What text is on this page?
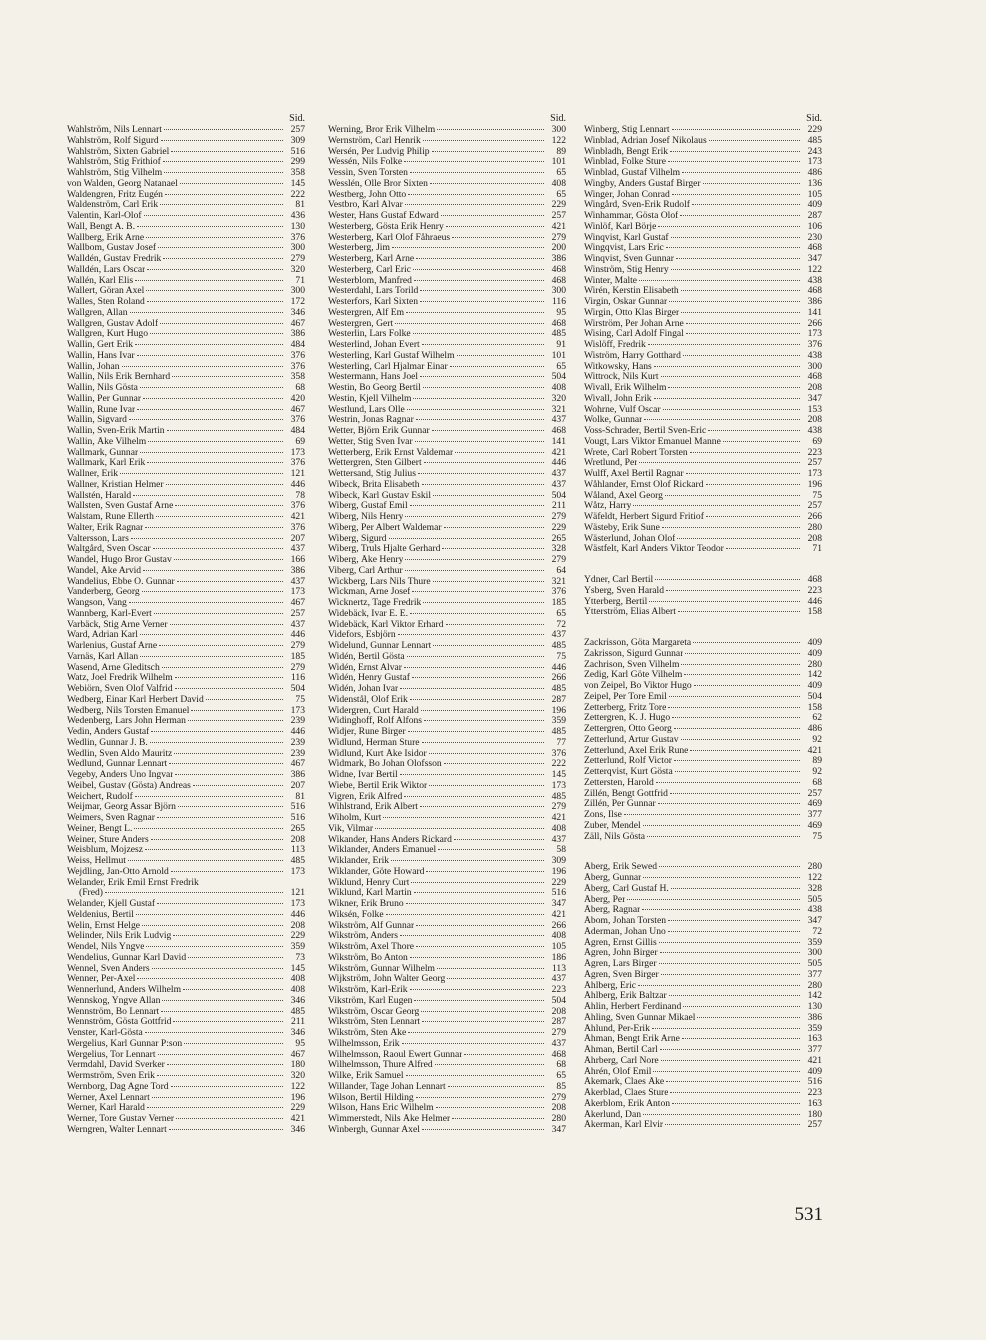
Sid.
Wahlström, Nils Lennart	257
Wahlström, Rolf Sigurd	309
Wahlström, Sixten Gabriel	516
Wahlström, Stig Frithiof	299
Wahlström, Stig Vilhelm	358
von Walden, Georg Natanael	145
Waldengren, Fritz Eugén	222
Waldenström, Carl Erik	81
Valentin, Karl-Olof	436
Wall, Bengt A. B.	130
Wallberg, Erik Arne	376
Wallbom, Gustav Josef	300
Walldén, Gustav Fredrik	279
Walldén, Lars Oscar	320
Wallén, Karl Elis	71
Wallert, Göran Axel	300
Walles, Sten Roland	172
Wallgren, Allan	346
Wallgren, Gustav Adolf	467
Wallgren, Kurt Hugo	386
Wallin, Gert Erik	484
Wallin, Hans Ivar	376
Wallin, Johan	376
Wallin, Nils Erik Bernhard	358
Wallin, Nils Gösta	68
Wallin, Per Gunnar	420
Wallin, Rune Ivar	467
Wallin, Sigvard	376
Wallin, Sven-Erik Martin	484
Wallin, Åke Vilhelm	69
Wallmark, Gunnar	173
Wallmark, Karl Erik	376
Wallner, Erik	121
Wallner, Kristian Helmer	446
Wallstén, Harald	78
Wallsten, Sven Gustaf Arne	376
Walstam, Rune Ellerth	421
Walter, Erik Ragnar	376
Valtersson, Lars	207
Waltgård, Sven Oscar	437
Wandel, Hugo Bror Gustav	166
Wandel, Åke Arvid	386
Wandelius, Ebbe O. Gunnar	437
Vanderberg, Georg	173
Wangson, Vang	467
Wannberg, Karl-Evert	257
Varbäck, Stig Arne Verner	437
Ward, Adrian Karl	446
Warlenius, Gustaf Arne	279
Varnäs, Karl Allan	185
Wasend, Arne Gleditsch	279
Watz, Joel Fredrik Wilhelm	116
Webiörn, Sven Olof Valfrid	504
Wedberg, Einar Karl Herbert David	75
Wedberg, Nils Torsten Emanuel	173
Wedenberg, Lars John Herman	239
Vedin, Anders Gustaf	446
Wedlin, Gunnar J. B.	239
Wedlin, Sven Aldo Mauritz	239
Wedlund, Gunnar Lennart	467
Vegeby, Anders Uno Ingvar	386
Weibel, Gustav (Gösta) Andreas	207
Weichert, Rudolf	81
Weijmar, Georg Assar Björn	516
Weimers, Sven Ragnar	516
Weiner, Bengt L.	265
Weiner, Sture Anders	208
Weisblum, Mojzesz	113
Weiss, Hellmut	485
Wejdling, Jan-Otto Arnold	173
Welander, Erik Emil Ernst Fredrik
(Fred)	121
Welander, Kjell Gustaf	173
Weldenius, Bertil	446
Welin, Ernst Helge	208
Welinder, Nils Erik Ludvig	229
Wendel, Nils Yngve	359
Wendelius, Gunnar Karl David	73
Wennel, Sven Anders	145
Wenner, Per-Axel	408
Wennerlund, Anders Wilhelm	408
Wennskog, Yngve Allan	346
Wennström, Bo Lennart	485
Wennström, Gösta Gottfrid	211
Venster, Karl-Gösta	346
Wergelius, Karl Gunnar P:son	95
Wergelius, Tor Lennart	467
Vermdahl, David Sverker	180
Wermström, Sven Erik	320
Wernborg, Dag Agne Tord	122
Werner, Axel Lennart	196
Werner, Karl Harald	229
Werner, Tore Gustav Verner	421
Werngren, Walter Lennart	346
Sid.
Werning, Bror Erik Vilhelm	300
Wernström, Carl Henrik	122
Wersén, Per Ludvig Philip	89
Wessén, Nils Folke	101
Vessin, Sven Torsten	65
Wesslén, Olle Bror Sixten	408
Westberg, John Otto	65
Vestbro, Karl Alvar	229
Wester, Hans Gustaf Edward	257
Westerberg, Gösta Erik Henry	421
Westerberg, Karl Olof Fåhraeus	279
Westerberg, Jim	200
Westerberg, Karl Arne	386
Westerberg, Carl Eric	468
Westerblom, Manfred	468
Westerdahl, Lars Torild	300
Westerfors, Karl Sixten	116
Westergren, Alf Em	95
Westergren, Gert	468
Westerlin, Lars Folke	485
Westerlind, Johan Evert	91
Westerling, Karl Gustaf Wilhelm	101
Westerling, Carl Hjalmar Einar	65
Westermann, Hans Joel	504
Westin, Bo Georg Bertil	408
Westin, Kjell Vilhelm	320
Westlund, Lars Olle	321
Westrin, Jonas Ragnar	437
Wetter, Björn Erik Gunnar	468
Wetter, Stig Sven Ivar	141
Wetterberg, Erik Ernst Valdemar	421
Wettergren, Sten Gilbert	446
Wettersand, Stig Julius	437
Wibeck, Brita Elisabeth	437
Wibeck, Karl Gustav Eskil	504
Wiberg, Gustaf Emil	211
Wiberg, Nils Henry	279
Wiberg, Per Albert Waldemar	229
Wiberg, Sigurd	265
Wiberg, Truls Hjalte Gerhard	328
Wiberg, Åke Henry	279
Viberg, Carl Arthur	64
Wickberg, Lars Nils Thure	321
Wickman, Arne Josef	376
Wicknertz, Tage Fredrik	185
Widebäck, Ivar E. E.	65
Widebäck, Karl Viktor Erhard	72
Videfors, Esbjörn	437
Widelund, Gunnar Lennart	485
Widén, Bertil Gösta	75
Widén, Ernst Alvar	446
Widén, Henry Gustaf	266
Widén, Johan Ivar	485
Widenstål, Olof Erik	287
Widergren, Curt Harald	196
Widinghoff, Rolf Alfons	359
Widjer, Rune Birger	485
Widlund, Herman Sture	77
Widlund, Kurt Åke Isidor	376
Widmark, Bo Johan Olofsson	222
Widne, Ivar Bertil	145
Wiebe, Bertil Erik Wiktor	173
Vigren, Erik Alfred	485
Wihlstrand, Erik Albert	279
Wiholm, Kurt	421
Vik, Vilmar	408
Wikander, Hans Anders Rickard	437
Wiklander, Anders Emanuel	58
Wiklander, Erik	309
Wiklander, Göte Howard	196
Wiklund, Henry Curt	229
Wiklund, Karl Martin	516
Wikner, Erik Bruno	347
Wiksén, Folke	421
Wikström, Alf Gunnar	266
Wikström, Anders	408
Wikström, Axel Thore	105
Wikström, Bo Anton	186
Wikström, Gunnar Wilhelm	113
Wijkström, John Walter Georg	437
Wikström, Karl-Erik	223
Vikström, Karl Eugen	504
Wikström, Oscar Georg	208
Wikström, Sten Lennart	287
Wikström, Sten Åke	279
Wilhelmsson, Erik	437
Wilhelmsson, Raoul Ewert Gunnar	468
Wilhelmsson, Thure Alfred	68
Wilke, Erik Samuel	65
Willander, Tage Johan Lennart	85
Wilson, Bertil Hilding	279
Wilson, Hans Eric Wilhelm	208
Wimmerstedt, Nils Åke Helmer	280
Winbergh, Gunnar Axel	347
Sid.
Winberg, Stig Lennart	229
Winblad, Adrian Josef Nikolaus	485
Winbladh, Bengt Erik	243
Winblad, Folke Sture	173
Winblad, Gustaf Vilhelm	486
Wingby, Anders Gustaf Birger	136
Winger, Johan Conrad	105
Wingård, Sven-Erik Rudolf	409
Winhammar, Gösta Olof	287
Winlöf, Karl Börje	106
Winqvist, Karl Gustaf	230
Wingqvist, Lars Eric	468
Winqvist, Sven Gunnar	347
Winström, Stig Henry	122
Winter, Malte	438
Wirén, Kerstin Elisabeth	468
Virgin, Oskar Gunnar	386
Wirgin, Otto Klas Birger	141
Wirström, Per Johan Arne	266
Wising, Carl Adolf Fingal	173
Wislöff, Fredrik	376
Wiström, Harry Gotthard	438
Witkowsky, Hans	300
Wittrock, Nils Kurt	468
Wivall, Erik Wilhelm	208
Wivall, John Erik	347
Wohrne, Vulf Oscar	153
Wolke, Gunnar	208
Voss-Schrader, Bertil Sven-Eric	438
Vougt, Lars Viktor Emanuel Manne	69
Wrete, Carl Robert Torsten	223
Wretlund, Per	257
Wulff, Axel Bertil Ragnar	173
Wåhlander, Ernst Olof Rickard	196
Wåland, Axel Georg	75
Wåtz, Harry	257
Wäfeldt, Herbert Sigurd Fritiof	266
Wästeby, Erik Sune	280
Wästerlund, Johan Olof	208
Wästfelt, Karl Anders Viktor Teodor	71
Ydner, Carl Bertil	468
Ysberg, Sven Harald	223
Ytterberg, Bertil	446
Ytterström, Elias Albert	158
Zackrisson, Göta Margareta	409
Zakrisson, Sigurd Gunnar	409
Zachrison, Sven Vilhelm	280
Zedig, Karl Göte Vilhelm	142
von Zeipel, Bo Viktor Hugo	409
Zeipel, Per Tore Emil	504
Zetterberg, Fritz Tore	158
Zettergren, K. J. Hugo	62
Zettergren, Otto Georg	486
Zetterlund, Artur Gustav	92
Zetterlund, Axel Erik Rune	421
Zetterlund, Rolf Victor	89
Zetterqvist, Kurt Gösta	92
Zettersten, Harold	68
Zillén, Bengt Gottfrid	257
Zillén, Per Gunnar	469
Zons, Ilse	377
Zuber, Mendel	469
Zäll, Nils Gösta	75
Åberg, Erik Sewed	280
Åberg, Gunnar	122
Åberg, Carl Gustaf H.	328
Åberg, Per	505
Åberg, Ragnar	438
Åbom, Johan Torsten	347
Åderman, Johan Uno	72
Ågren, Ernst Gillis	359
Ågren, John Birger	300
Ågren, Lars Birger	505
Ågren, Sven Birger	377
Åhlberg, Eric	280
Åhlberg, Erik Baltzar	142
Åhlin, Herbert Ferdinand	130
Åhling, Sven Gunnar Mikael	386
Åhlund, Per-Erik	359
Åhman, Bengt Erik Arne	163
Åhman, Bertil Carl	377
Åhrberg, Carl Nore	421
Åhrén, Olof Emil	409
Åkemark, Claes Åke	516
Åkerblad, Claes Sture	223
Åkerblom, Erik Anton	163
Åkerlund, Dan	180
Åkerman, Karl Elvir	257
531
